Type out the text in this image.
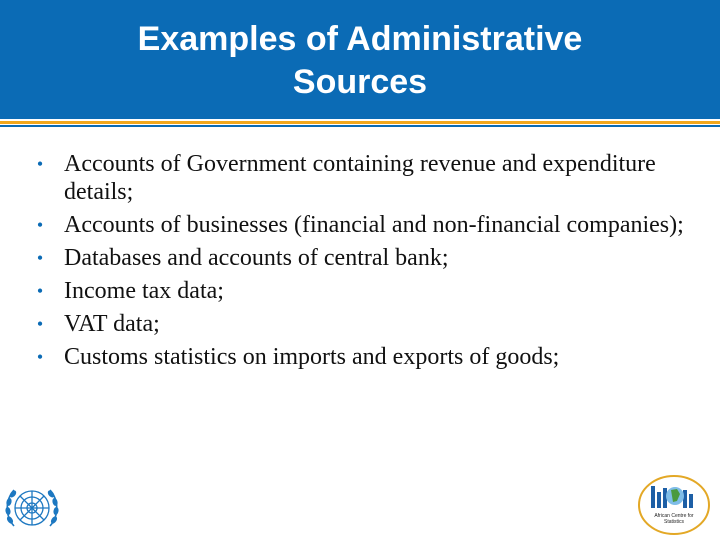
Examples of Administrative Sources
• Accounts of Government containing revenue and expenditure details;
• Accounts of businesses (financial and non-financial companies);
• Databases and accounts of central bank;
• Income tax data;
• VAT data;
• Customs statistics on imports and exports of goods;
African Centre for
Statistics
